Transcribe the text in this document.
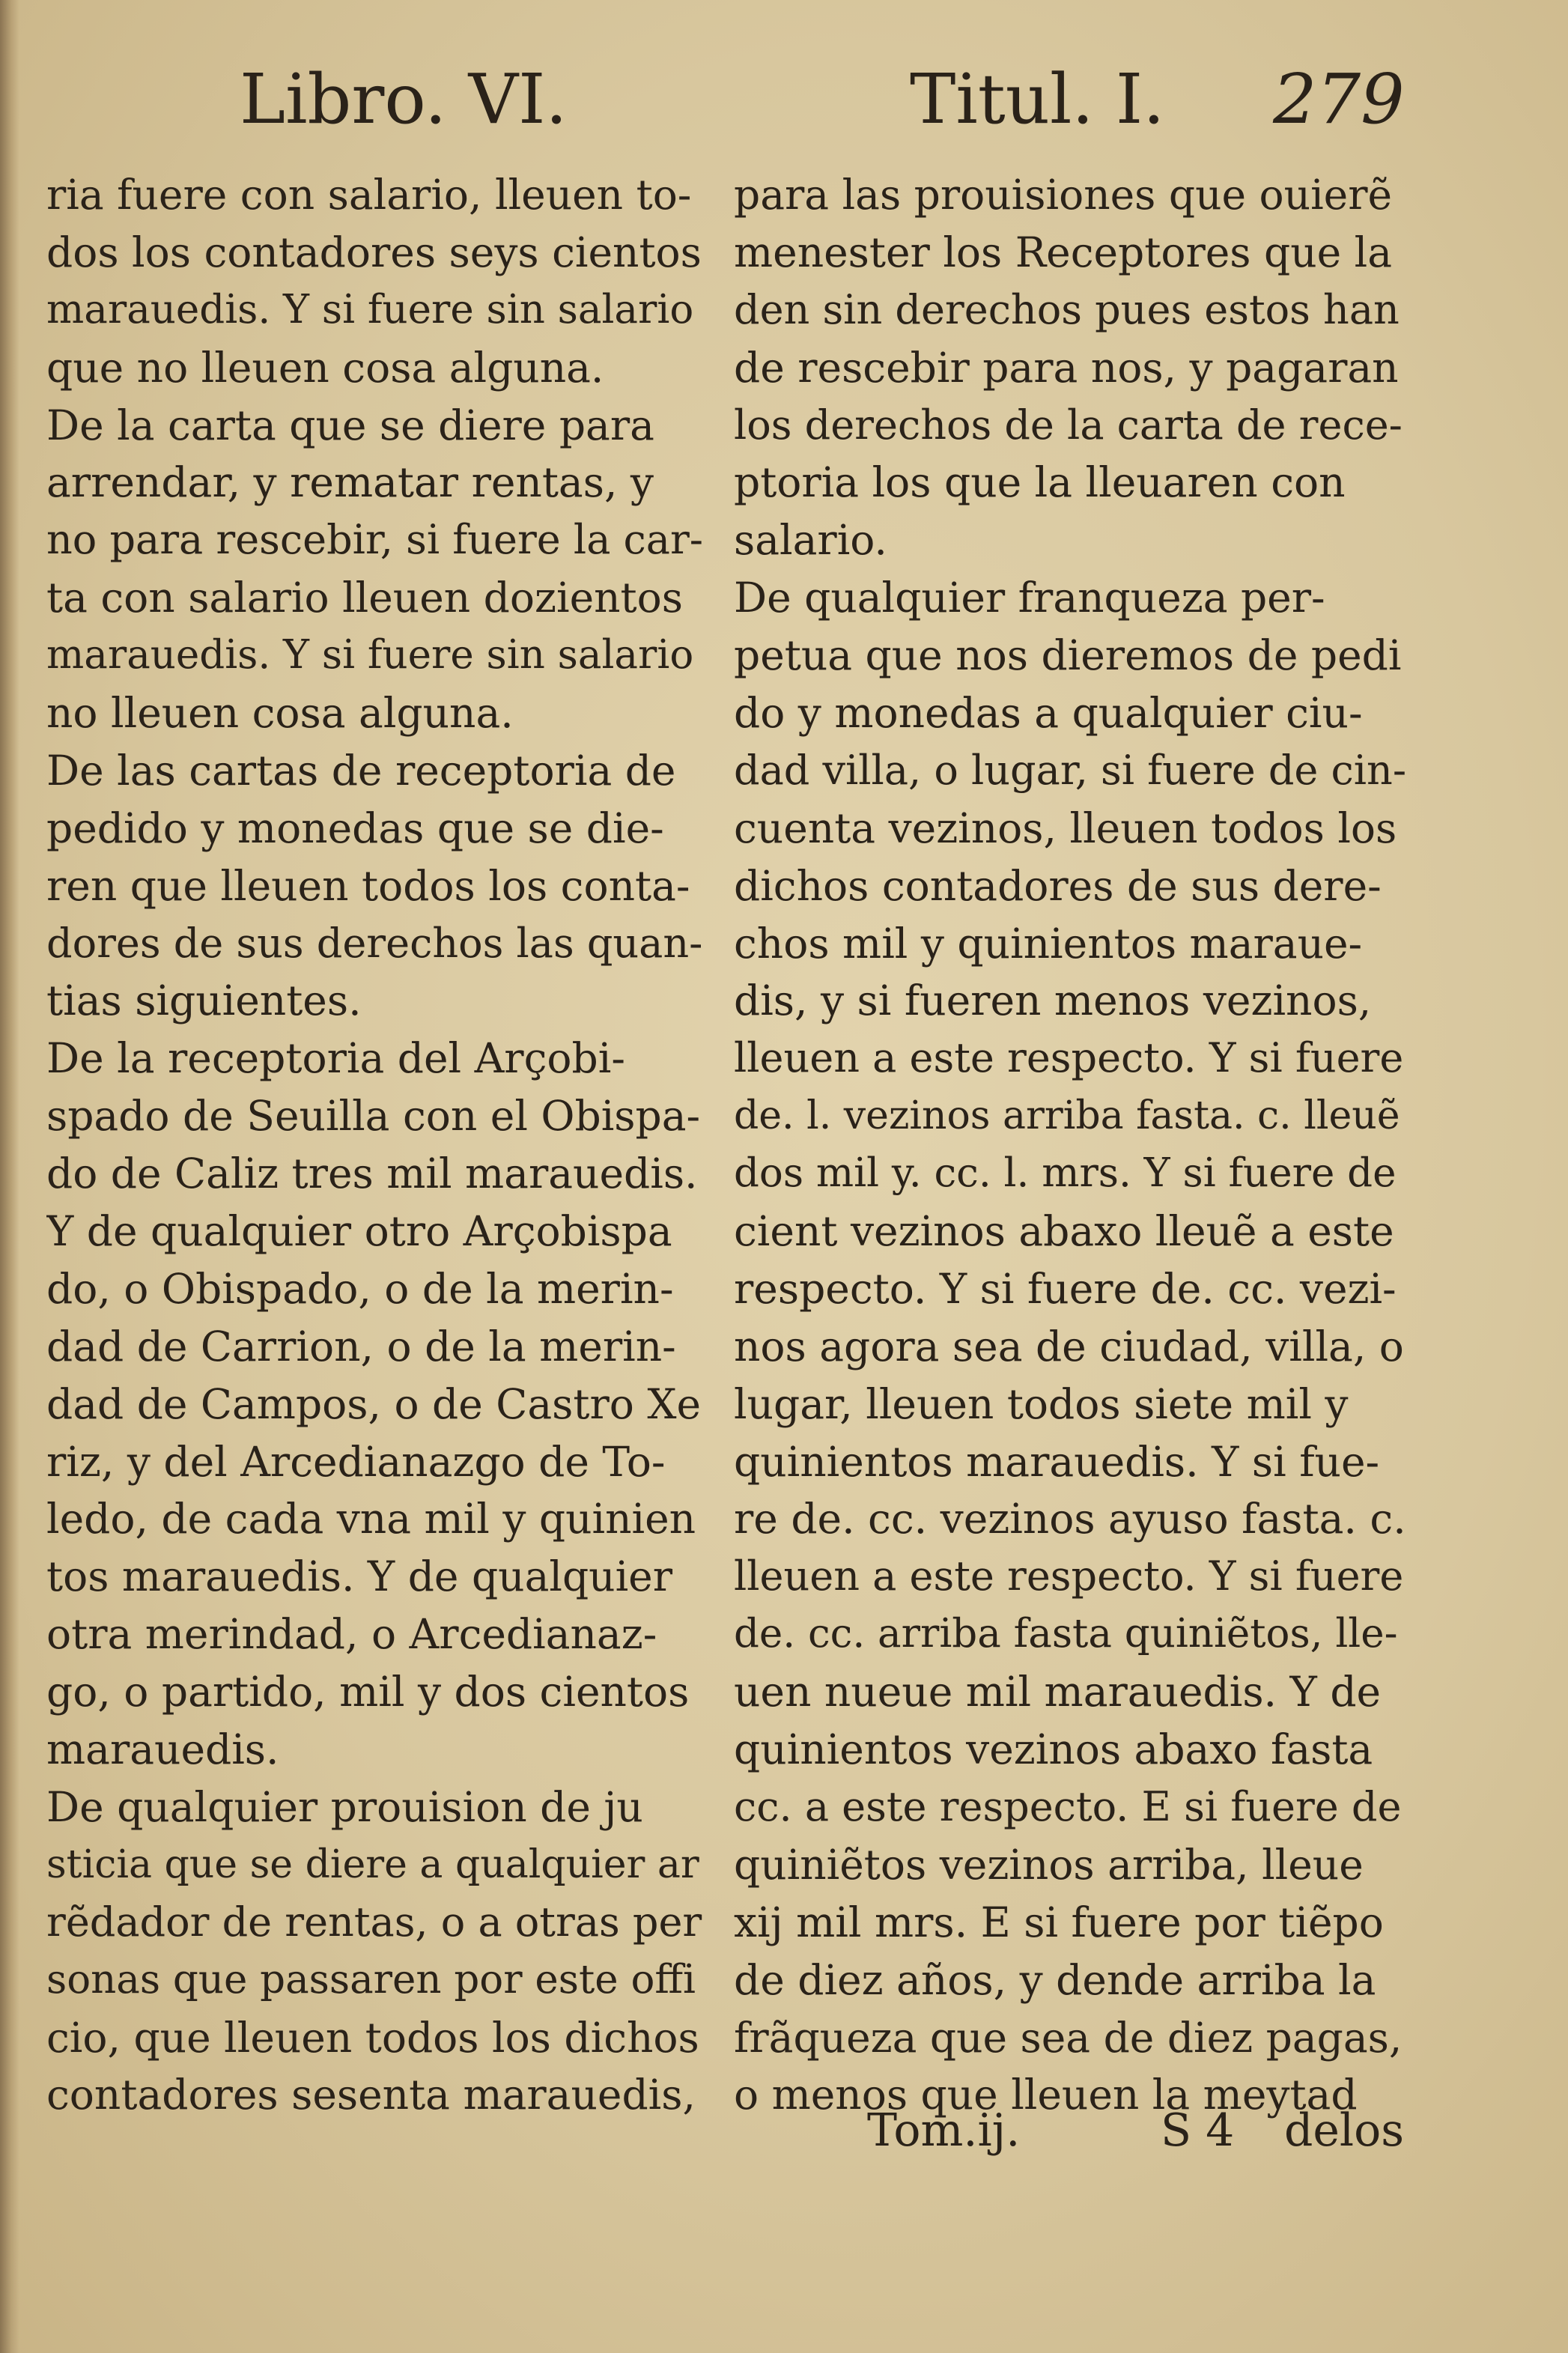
Libro. VI.	Titul. I. 279
ria fuere con salario, lleuen to-
dos los contadores seys cientos
marauedis. Y si fuere sin salario
que no lleuen cosa alguna.
De la carta que se diere para
arrendar, y rematar rentas, y
no para rescebir, si fuere la car-
ta con salario lleuen dozientos
marauedis. Y si fuere sin salario
no lleuen cosa alguna.
De las cartas de receptoria de
pedido y monedas que se die-
ren que lleuen todos los conta-
dores de sus derechos las quan-
tias siguientes.
De la receptoria del Arçobi-
spado de Seuilla con el Obispa-
do de Caliz tres mil marauedis.
Y de qualquier otro Arçobispa
do, o Obispado, o de la merin-
dad de Carrion, o de la merin-
dad de Campos, o de Castro Xe
riz, y del Arcedianazgo de To-
ledo, de cada vna mil y quinien
tos marauedis. Y de qualquier
otra merindad, o Arcedianaz-
go, o partido, mil y dos cientos
marauedis.
De qualquier prouision de ju
sticia que se diere a qualquier ar
rẽdador de rentas, o a otras per
sonas que passaren por este offi
cio, que lleuen todos los dichos
contadores sesenta marauedis,
para las prouisiones que ouierẽ
menester los Receptores que la
den sin derechos pues estos han
de rescebir para nos, y pagaran
los derechos de la carta de rece-
ptoria los que la lleuaren con
salario.
De qualquier franqueza per-
petua que nos dieremos de pedi
do y monedas a qualquier ciu-
dad villa, o lugar, si fuere de cin-
cuenta vezinos, lleuen todos los
dichos contadores de sus dere-
chos mil y quinientos maraue-
dis, y si fueren menos vezinos,
lleuen a este respecto. Y si fuere
de. l. vezinos arriba fasta. c. lleuẽ
dos mil y. cc. l. mrs. Y si fuere de
cient vezinos abaxo lleuẽ a este
respecto. Y si fuere de. cc. vezi-
nos agora sea de ciudad, villa, o
lugar, lleuen todos siete mil y
quinientos marauedis. Y si fue-
re de. cc. vezinos ayuso fasta. c.
lleuen a este respecto. Y si fuere
de. cc. arriba fasta quiniẽtos, lle-
uen nueue mil marauedis. Y de
quinientos vezinos abaxo fasta
cc. a este respecto. E si fuere de
quiniẽtos vezinos arriba, lleue
xij mil mrs. E si fuere por tiẽpo
de diez años, y dende arriba la
frãqueza que sea de diez pagas,
o menos que lleuen la meytad
Tom.ij.	S 4 delos
